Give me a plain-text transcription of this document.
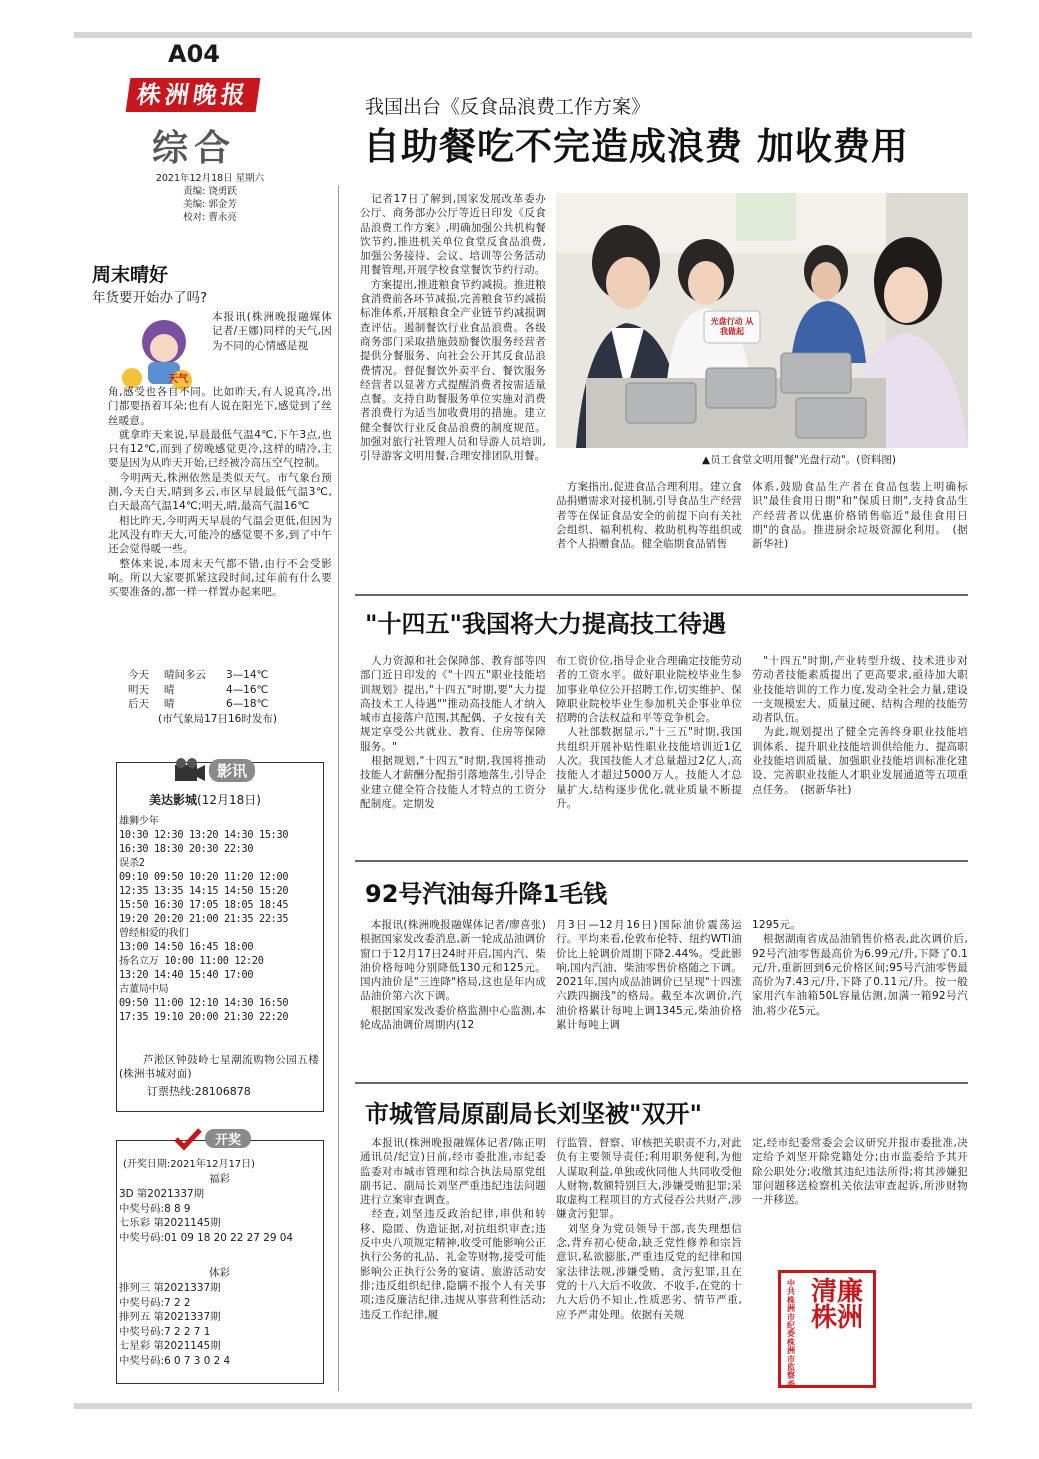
A04
株洲晚报
综合
2021年12月18日 星期六
责编: 饶勇跃
美编: 郭金芳
校对: 曹永亮
周末晴好
年货要开始办了吗?
天气
本报讯(株洲晚报融媒体记者/王娜)同样的天气,因为不同的心情感是视
角,感受也各自不同。比如昨天,有人说真冷,出门都要捂着耳朵;也有人说在阳光下,感觉到了丝丝暖意。
　就拿昨天来说,早晨最低气温4℃,下午3点,也只有12℃,而到了傍晚感觉更冷,这样的晴冷,主要是因为从昨天开始,已经被冷高压空气控制。
　今明两天,株洲依然是类似天气。市气象台预测,今天白天,晴到多云,市区早晨最低气温3℃,白天最高气温14℃;明天,晴,最高气温16℃
　相比昨天,今明两天早晨的气温会更低,但因为北风没有昨天大,可能冷的感觉要不多,到了中午还会觉得暖一些。
　整体来说,本周末天气都不错,由行不会受影响。所以大家要抓紧这段时间,过年前有什么要买要准备的,都一样一样置办起来吧。
今天 晴间多云 3—14℃
明天 晴	4—16℃
后天 晴	6—18℃
(市气象局17日16时发布)
影讯
美达影城(12月18日)
雄狮少年
10:30 12:30 13:20 14:30 15:30
16:30 18:30 20:30 22:30
误杀2
09:10 09:50 10:20 11:20 12:00
12:35 13:35 14:15 14:50 15:20
15:50 16:30 17:05 18:05 18:45
19:20 20:20 21:00 21:35 22:35
曾经相爱的我们
13:00 14:50 16:45 18:00
扬名立万 10:00 11:00 12:20
13:20 14:40 15:40 17:00
古董局中局
09:50 11:00 12:10 14:30 16:50
17:35 19:10 20:00 21:30 22:20
芦淞区钟鼓岭七星潮流购物公园五楼(株洲书城对面)
订票热线:28106878
开奖
(开奖日期:2021年12月17日)
福彩
3D 第2021337期
中奖号码:8 8 9
七乐彩 第2021145期
中奖号码:01 09 18 20 22 27 29 04
体彩
排列三 第2021337期
中奖号码:7 2 2
排列五 第2021337期
中奖号码:7 2 2 7 1
七星彩 第2021145期
中奖号码:6 0 7 3 0 2 4
我国出台《反食品浪费工作方案》
自助餐吃不完造成浪费 加收费用
　记者17日了解到,国家发展改革委办公厅、商务部办公厅等近日印发《反食品浪费工作方案》,明确加强公共机构餐饮节约,推进机关单位食堂反食品浪费,加强公务接待、会议、培训等公务活动用餐管理,开展学校食堂餐饮节约行动。
　方案提出,推进粮食节约减损。推进粮食消费前各环节减损,完善粮食节约减损标准体系,开展粮食全产业链节约减损调查评估。遏制餐饮行业食品浪费。各级商务部门采取措施鼓励餐饮服务经营者提供分餐服务、向社会公开其反食品浪费情况。督促餐饮外卖平台、餐饮服务经营者以显著方式提醒消费者按需适量点餐。支持自助餐服务单位实施对消费者浪费行为适当加收费用的措施。建立健全餐饮行业反食品浪费的制度规范。加强对旅行社管理人员和导游人员培训,引导游客文明用餐,合理安排团队用餐。
光盘行动 从我做起
▲员工食堂文明用餐"光盘行动"。(资料图)
　方案指出,促进食品合理利用。建立食品捐赠需求对接机制,引导食品生产经营者等在保证食品安全的前提下向有关社会组织、福利机构、救助机构等组织或者个人捐赠食品。健全临期食品销售
体系,鼓励食品生产者在食品包装上明确标识"最佳食用日期"和"保质日期",支持食品生产经营者以优惠价格销售临近"最佳食用日期"的食品。推进厨余垃圾资源化利用。　(据新华社)
"十四五"我国将大力提高技工待遇
　人力资源和社会保障部、教育部等四部门近日印发的《"十四五"职业技能培训规划》提出,"十四五"时期,要"大力提高技术工人待遇""推动高技能人才纳入城市直接落户范围,其配偶、子女按有关规定享受公共就业、教育、住房等保障服务。"
　根据规划,"十四五"时期,我国将推动技能人才薪酬分配指引落地落生,引导企业建立健全符合技能人才特点的工资分配制度。定期发
布工资价位,指导企业合理确定技能劳动者的工资水平。做好职业院校毕业生参加事业单位公开招聘工作,切实维护、保障职业院校毕业生参加机关企事业单位招聘的合法权益和平等竞争机会。
　人社部数据显示,"十三五"时期,我国共组织开展补贴性职业技能培训近1亿人次。我国技能人才总量超过2亿人,高技能人才超过5000万人。技能人才总量扩大,结构逐步优化,就业质量不断提升。
　"十四五"时期,产业转型升级、技术进步对劳动者技能素质提出了更高要求,亟待加大职业技能培训的工作力度,发动全社会力量,建设一支规模宏大、质量过硬、结构合理的技能劳动者队伍。
　为此,规划提出了健全完善终身职业技能培训体系、提升职业技能培训供给能力、提高职业技能培训质量、加强职业技能培训标准化建设、完善职业技能人才职业发展通道等五项重点任务。　(据新华社)
92号汽油每升降1毛钱
　本报讯(株洲晚报融媒体记者/廖喜张)根据国家发改委消息,新一轮成品油调价窗口于12月17日24时开启,国内汽、柴油价格每吨分别降低130元和125元。国内油价是"三连降"格局,这也是年内成品油价第六次下调。
　根据国家发改委价格监测中心监测,本轮成品油调价周期内(12
月3日—12月16日)国际油价震荡运行。平均来看,伦敦布伦特、纽约WTI油价比上轮调价周期下降2.44%。受此影响,国内汽油、柴油零售价格随之下调。2021年,国内成品油调价已呈现"十四涨六跌四搁浅"的格局。截至本次调价,汽油价格累计每吨上调1345元,柴油价格累计每吨上调
1295元。
　根据湖南省成品油销售价格表,此次调价后,92号汽油零售最高价为6.99元/升,下降了0.1元/升,重新回到6元价格区间;95号汽油零售最高价为7.43元/升,下降了0.11元/升。按一般家用汽车油箱50L容量估测,加满一箱92号汽油,将少花5元。
市城管局原副局长刘坚被"双开"
　本报讯(株洲晚报融媒体记者/陈正明　通讯员/纪宣)日前,经市委批准,市纪委监委对市城市管理和综合执法局原党组副书记、副局长刘坚严重违纪违法问题进行立案审查调查。
　经查,刘坚违反政治纪律,串供和转移、隐匿、伪造证据,对抗组织审查;违反中央八项规定精神,收受可能影响公正执行公务的礼品、礼金等财物,接受可能影响公正执行公务的宴请、旅游活动安排;违反组织纪律,隐瞒不报个人有关事项;违反廉洁纪律,违规从事营利性活动;违反工作纪律,履
行监管、督察、审核把关职责不力,对此负有主要领导责任;利用职务便利,为他人谋取利益,单独或伙同他人共同收受他人财物,数额特别巨大,涉嫌受贿犯罪;采取虚构工程项目的方式侵吞公共财产,涉嫌贪污犯罪。
　刘坚身为党员领导干部,丧失理想信念,背弃初心使命,缺乏党性修养和宗旨意识,私欲膨胀,严重违反党的纪律和国家法律法规,涉嫌受贿、贪污犯罪,且在党的十八大后不收敛、不收手,在党的十九大后仍不知止,性质恶劣、情节严重,应予严肃处理。依据有关规
定,经市纪委常委会会议研究并报市委批准,决定给予刘坚开除党籍处分;由市监委给予其开除公职处分;收缴其违纪违法所得;将其涉嫌犯罪问题移送检察机关依法审查起诉,所涉财物一并移送。
清廉株洲
中共株洲市纪委 株洲市监察委
